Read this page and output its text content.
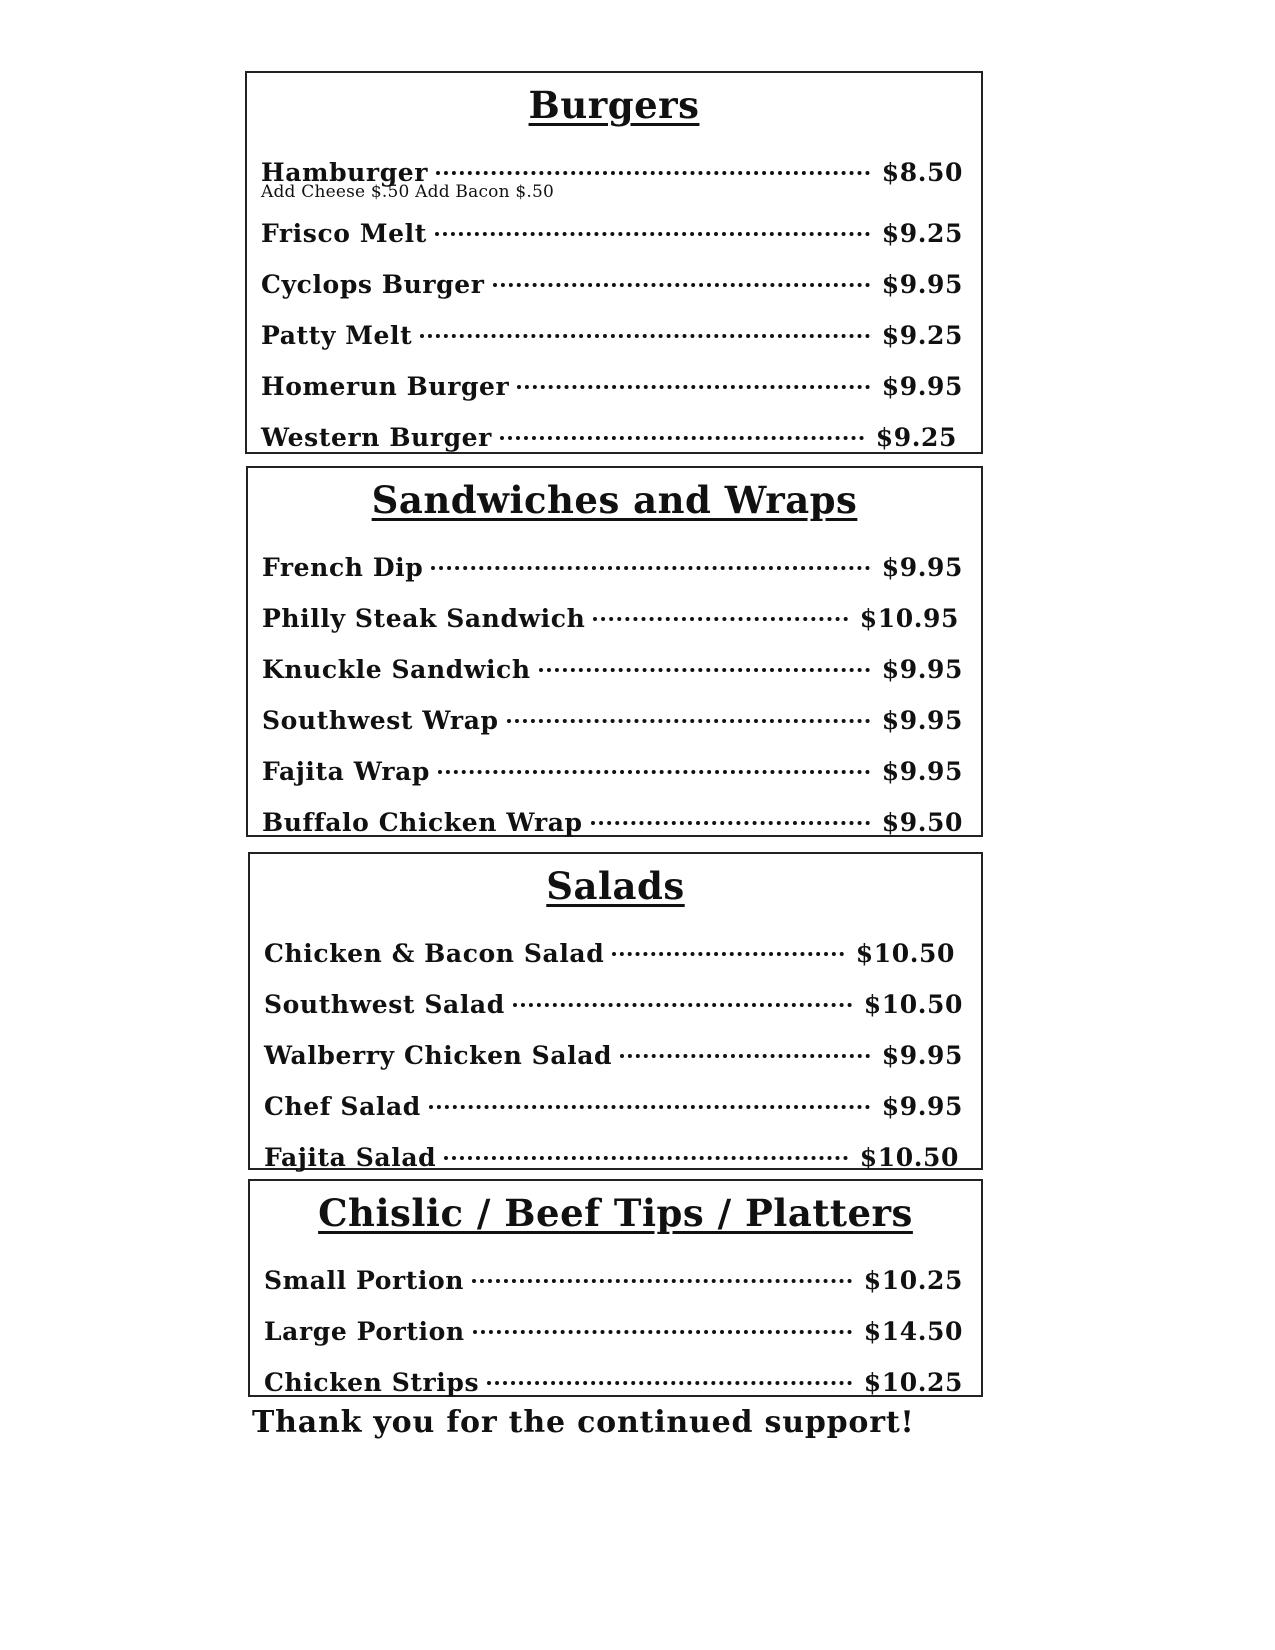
Burgers
Hamburger	$8.50
Add Cheese $.50 Add Bacon $.50
Frisco Melt	$9.25
Cyclops Burger	$9.95
Patty Melt	$9.25
Homerun Burger	$9.95
Western Burger	$9.25
Sandwiches and Wraps
French Dip	$9.95
Philly Steak Sandwich	$10.95
Knuckle Sandwich	$9.95
Southwest Wrap	$9.95
Fajita Wrap	$9.95
Buffalo Chicken Wrap	$9.50
Salads
Chicken & Bacon Salad	$10.50
Southwest Salad	$10.50
Walberry Chicken Salad	$9.95
Chef Salad	$9.95
Fajita Salad	$10.50
Chislic / Beef Tips / Platters
Small Portion	$10.25
Large Portion	$14.50
Chicken Strips	$10.25
Thank you for the continued support!
